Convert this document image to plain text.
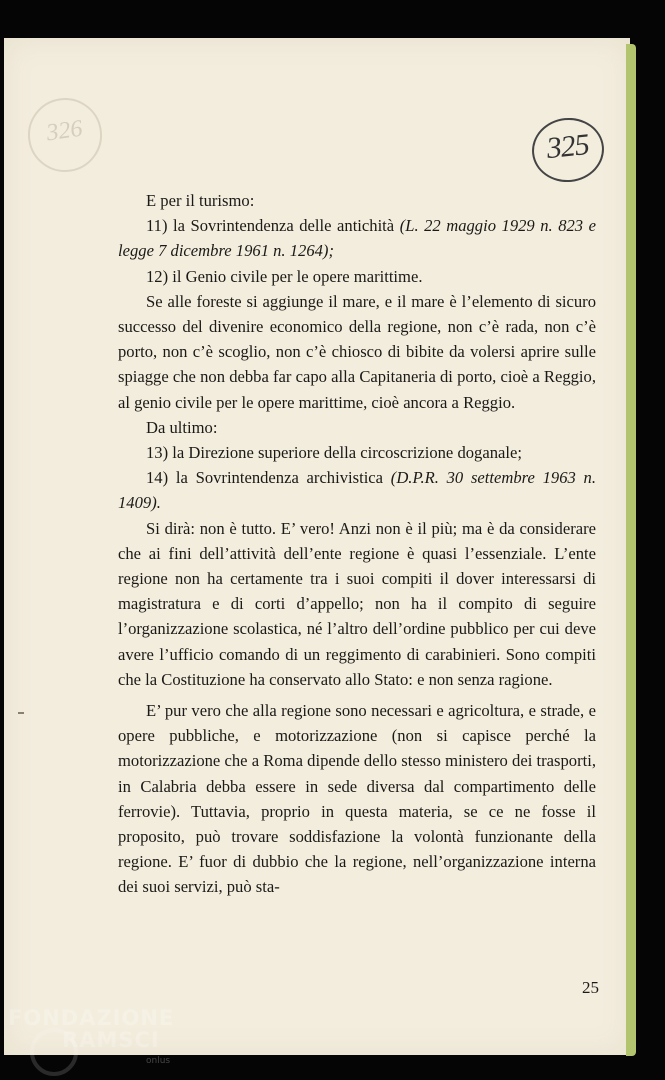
326	325

E per il turismo:

11) la Sovrintendenza delle antichità (L. 22 maggio 1929 n. 823 e legge 7 dicembre 1961 n. 1264);

12) il Genio civile per le opere marittime.

Se alle foreste si aggiunge il mare, e il mare è l’elemento di sicuro successo del divenire economico della regione, non c’è rada, non c’è porto, non c’è scoglio, non c’è chiosco di bibite da volersi aprire sulle spiagge che non debba far capo alla Capitaneria di porto, cioè a Reggio, al genio civile per le opere marittime, cioè ancora a Reggio.

Da ultimo:

13) la Direzione superiore della circoscrizione doganale;

14) la Sovrintendenza archivistica (D.P.R. 30 settembre 1963 n. 1409).

Si dirà: non è tutto. E’ vero! Anzi non è il più; ma è da considerare che ai fini dell’attività dell’ente regione è quasi l’essenziale. L’ente regione non ha certamente tra i suoi compiti il dover interessarsi di magistratura e di corti d’appello; non ha il compito di seguire l’organizzazione scolastica, né l’altro dell’ordine pubblico per cui deve avere l’ufficio comando di un reggimento di carabinieri. Sono compiti che la Costituzione ha conservato allo Stato: e non senza ragione.

E’ pur vero che alla regione sono necessari e agricoltura, e strade, e opere pubbliche, e motorizzazione (non si capisce perché la motorizzazione che a Roma dipende dello stesso ministero dei trasporti, in Calabria debba essere in sede diversa dal compartimento delle ferrovie). Tuttavia, proprio in questa materia, se ce ne fosse il proposito, può trovare soddisfazione la volontà funzionante della regione. E’ fuor di dubbio che la regione, nell’organizzazione interna dei suoi servizi, può sta-

25
FONDAZIONE
RAMSCI
onlus
